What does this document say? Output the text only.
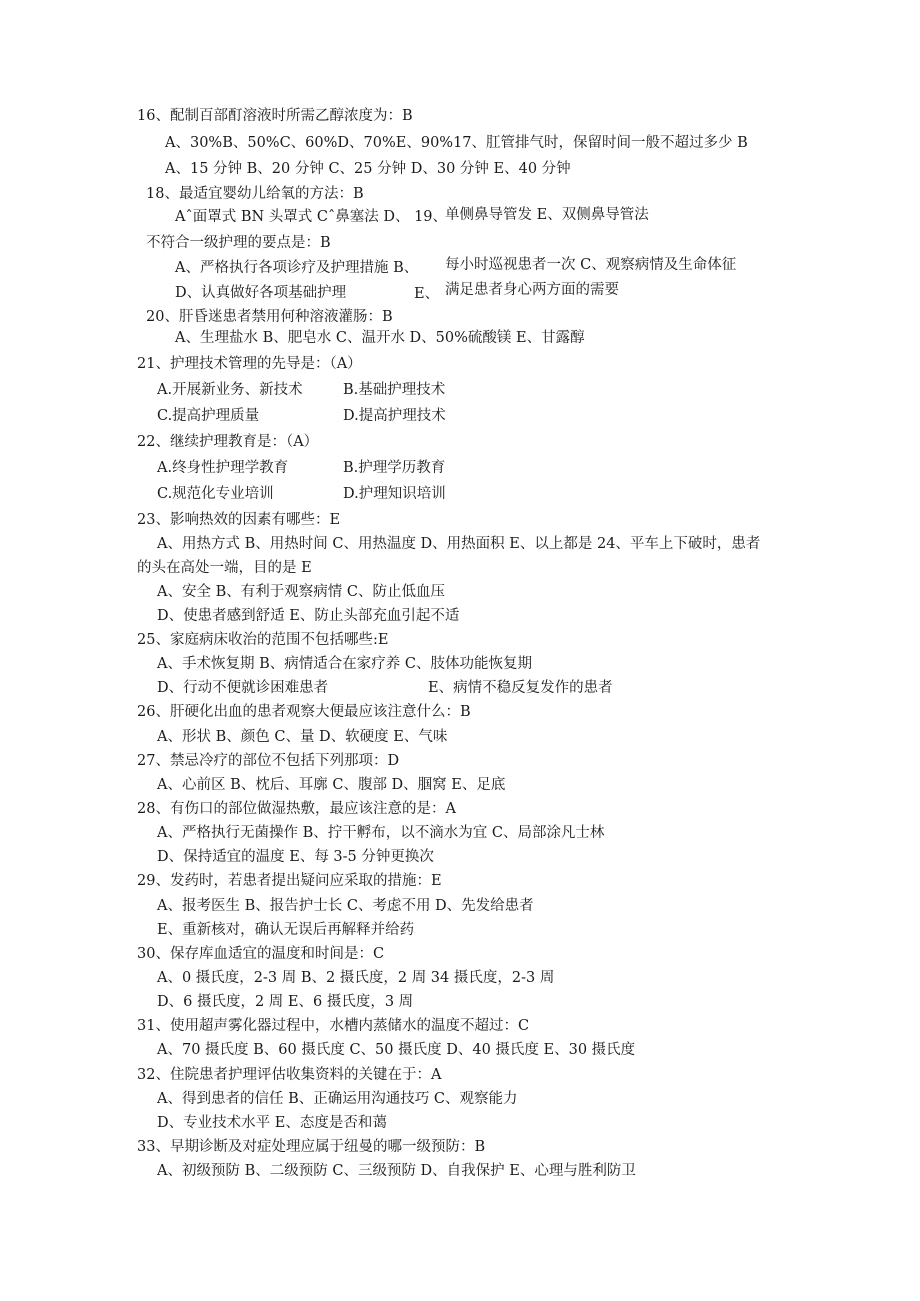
16、配制百部酊溶液时所需乙醇浓度为：B
A、30%B、50%C、60%D、70%E、90%17、肛管排气时，保留时间一般不超过多少 B
A、15 分钟 B、20 分钟 C、25 分钟 D、30 分钟 E、40 分钟
18、最适宜婴幼儿给氧的方法：B
Aˆ面罩式 BN 头罩式 Cˆ鼻塞法 D、 19、
单侧鼻导管发 E、双侧鼻导管法
不符合一级护理的要点是：B
A、严格执行各项诊疗及护理措施 B、 每小时巡视患者一次 C、观察病情及生命体征
D、认真做好各项基础护理	E、 满足患者身心两方面的需要
20、肝昏迷患者禁用何种溶液灌肠：B
A、生理盐水 B、肥皂水 C、温开水 D、50%硫酸镁 E、甘露醇
21、护理技术管理的先导是：（A）
A.开展新业务、新技术	B.基础护理技术
C.提高护理质量	D.提高护理技术
22、继续护理教育是：（A）
A.终身性护理学教育	B.护理学历教育
C.规范化专业培训	D.护理知识培训
23、影响热效的因素有哪些：E
A、用热方式 B、用热时间 C、用热温度 D、用热面积 E、以上都是 24、平车上下破时，患者
的头在高处一端，目的是 E
A、安全 B、有利于观察病情 C、防止低血压
D、使患者感到舒适 E、防止头部充血引起不适
25、家庭病床收治的范围不包括哪些:E
A、手术恢复期 B、病情适合在家疗养 C、肢体功能恢复期
D、行动不便就诊困难患者	E、病情不稳反复发作的患者
26、肝硬化出血的患者观察大便最应该注意什么：B
A、形状 B、颜色 C、量 D、软硬度 E、气味
27、禁忌冷疗的部位不包括下列那项：D
A、心前区 B、枕后、耳廓 C、腹部 D、腘窝 E、足底
28、有伤口的部位做湿热敷，最应该注意的是：A
A、严格执行无菌操作 B、拧干孵布，以不滴水为宜 C、局部涂凡士林
D、保持适宜的温度 E、每 3-5 分钟更换次
29、发药时，若患者提出疑问应采取的措施：E
A、报考医生 B、报告护士长 C、考虑不用 D、先发给患者
E、重新核对，确认无误后再解释并给药
30、保存库血适宜的温度和时间是：C
A、0 摄氏度，2-3 周 B、2 摄氏度，2 周 34 摄氏度，2-3 周
D、6 摄氏度，2 周 E、6 摄氏度，3 周
31、使用超声雾化器过程中，水槽内蒸储水的温度不超过：C
A、70 摄氏度 B、60 摄氏度 C、50 摄氏度 D、40 摄氏度 E、30 摄氏度
32、住院患者护理评估收集资料的关键在于：A
A、得到患者的信任 B、正确运用沟通技巧 C、观察能力
D、专业技术水平 E、态度是否和蔼
33、早期诊断及对症处理应属于纽曼的哪一级预防：B
A、初级预防 B、二级预防 C、三级预防 D、自我保护 E、心理与胜利防卫
